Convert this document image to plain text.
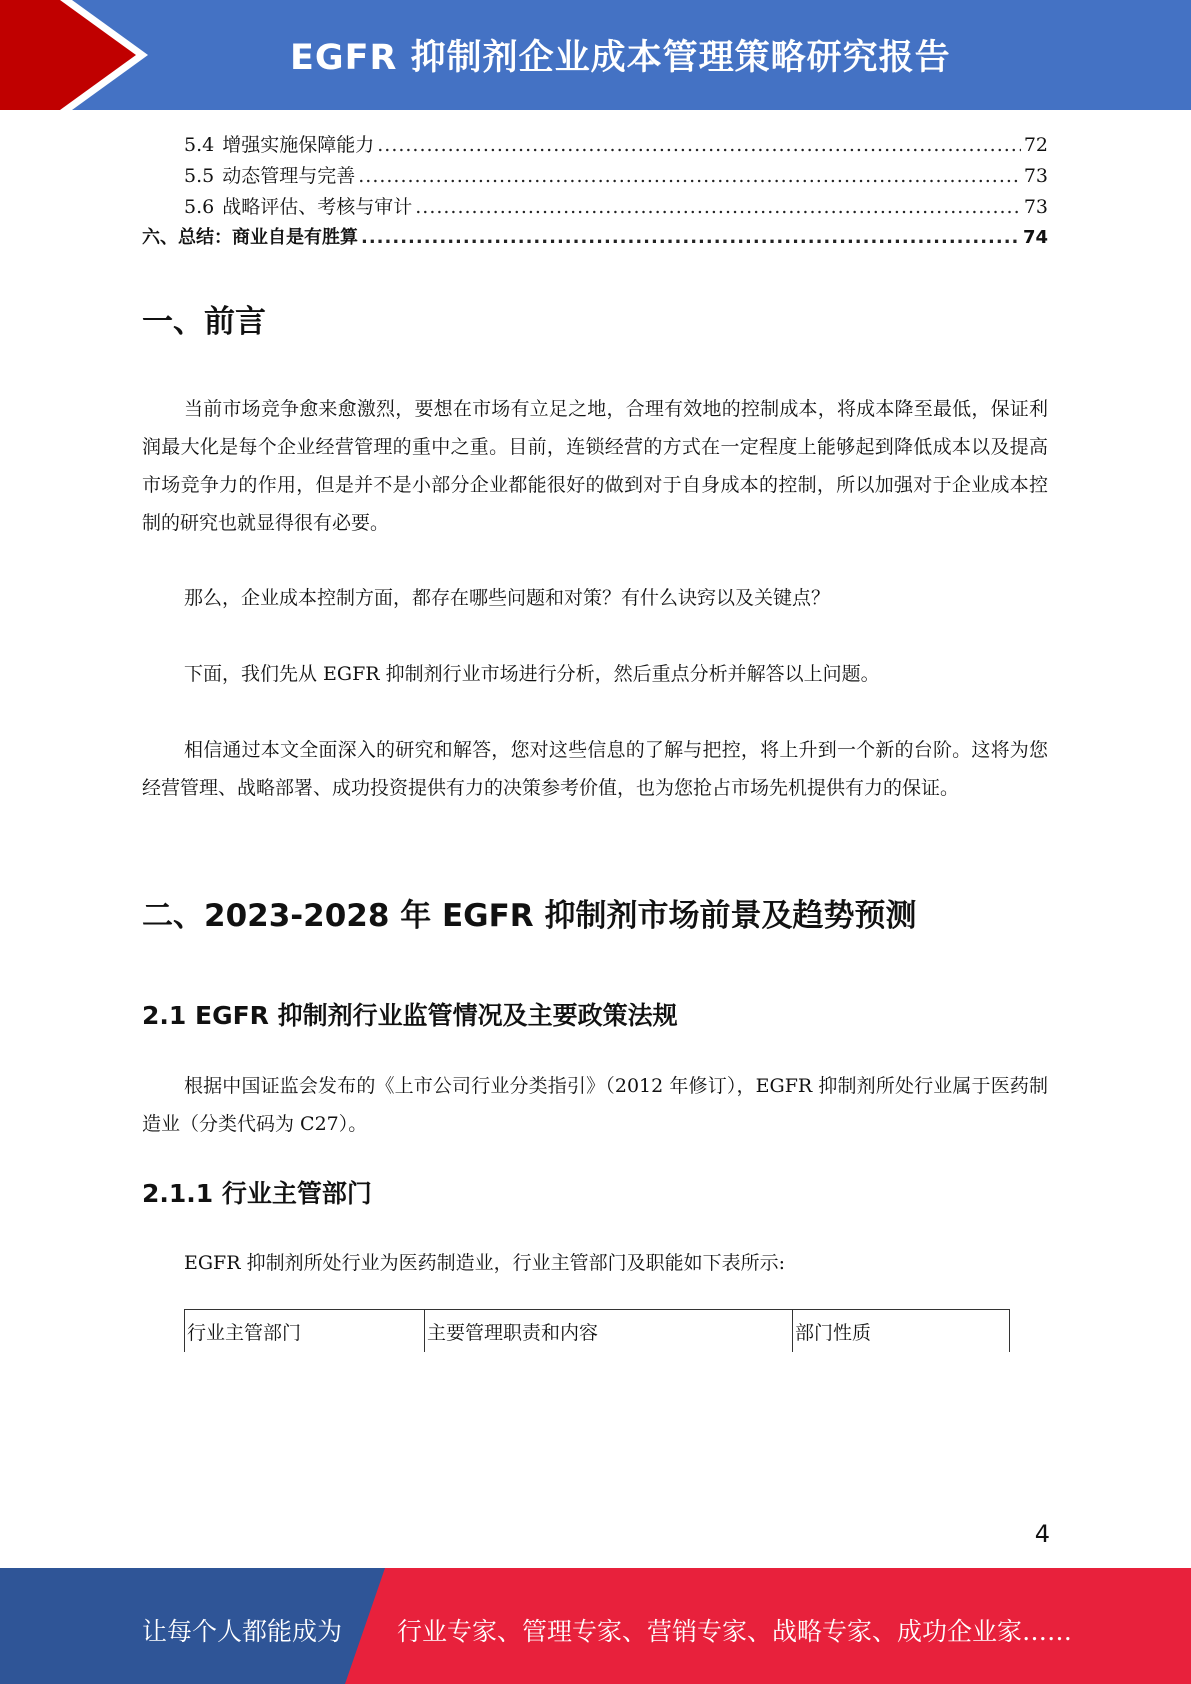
EGFR 抑制剂企业成本管理策略研究报告
5.4 增强实施保障能力 .....	72
5.5 动态管理与完善 .....	73
5.6 战略评估、考核与审计 .....	73
六、总结：商业自是有胜算 .....	74
一、前言
当前市场竞争愈来愈激烈，要想在市场有立足之地，合理有效地的控制成本，将成本降至最低，保证利润最大化是每个企业经营管理的重中之重。目前，连锁经营的方式在一定程度上能够起到降低成本以及提高市场竞争力的作用，但是并不是小部分企业都能很好的做到对于自身成本的控制，所以加强对于企业成本控制的研究也就显得很有必要。
那么，企业成本控制方面，都存在哪些问题和对策？有什么诀窍以及关键点？
下面，我们先从 EGFR 抑制剂行业市场进行分析，然后重点分析并解答以上问题。
相信通过本文全面深入的研究和解答，您对这些信息的了解与把控，将上升到一个新的台阶。这将为您经营管理、战略部署、成功投资提供有力的决策参考价值，也为您抢占市场先机提供有力的保证。
二、2023-2028 年 EGFR 抑制剂市场前景及趋势预测
2.1 EGFR 抑制剂行业监管情况及主要政策法规
根据中国证监会发布的《上市公司行业分类指引》（2012 年修订），EGFR 抑制剂所处行业属于医药制造业（分类代码为 C27）。
2.1.1 行业主管部门
EGFR 抑制剂所处行业为医药制造业，行业主管部门及职能如下表所示:
行业主管部门	主要管理职责和内容	部门性质
4
让每个人都能成为 行业专家、管理专家、营销专家、战略专家、成功企业家……
